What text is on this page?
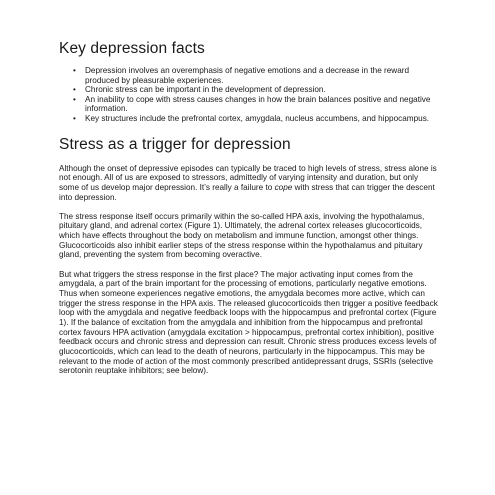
Key depression facts
• Depression involves an overemphasis of negative emotions and a decrease in the reward produced by pleasurable experiences.
• Chronic stress can be important in the development of depression.
• An inability to cope with stress causes changes in how the brain balances positive and negative information.
• Key structures include the prefrontal cortex, amygdala, nucleus accumbens, and hippocampus.
Stress as a trigger for depression

Although the onset of depressive episodes can typically be traced to high levels of stress, stress alone is not enough. All of us are exposed to stressors, admittedly of varying intensity and duration, but only some of us develop major depression. It’s really a failure to cope with stress that can trigger the descent into depression.

The stress response itself occurs primarily within the so-called HPA axis, involving the hypothalamus, pituitary gland, and adrenal cortex (Figure 1). Ultimately, the adrenal cortex releases glucocorticoids, which have effects throughout the body on metabolism and immune function, amongst other things. Glucocorticoids also inhibit earlier steps of the stress response within the hypothalamus and pituitary gland, preventing the system from becoming overactive.

But what triggers the stress response in the first place? The major activating input comes from the amygdala, a part of the brain important for the processing of emotions, particularly negative emotions. Thus when someone experiences negative emotions, the amygdala becomes more active, which can trigger the stress response in the HPA axis. The released glucocorticoids then trigger a positive feedback loop with the amygdala and negative feedback loops with the hippocampus and prefrontal cortex (Figure 1). If the balance of excitation from the amygdala and inhibition from the hippocampus and prefrontal cortex favours HPA activation (amygdala excitation > hippocampus, prefrontal cortex inhibition), positive feedback occurs and chronic stress and depression can result. Chronic stress produces excess levels of glucocorticoids, which can lead to the death of neurons, particularly in the hippocampus. This may be relevant to the mode of action of the most commonly prescribed antidepressant drugs, SSRIs (selective serotonin reuptake inhibitors; see below).
